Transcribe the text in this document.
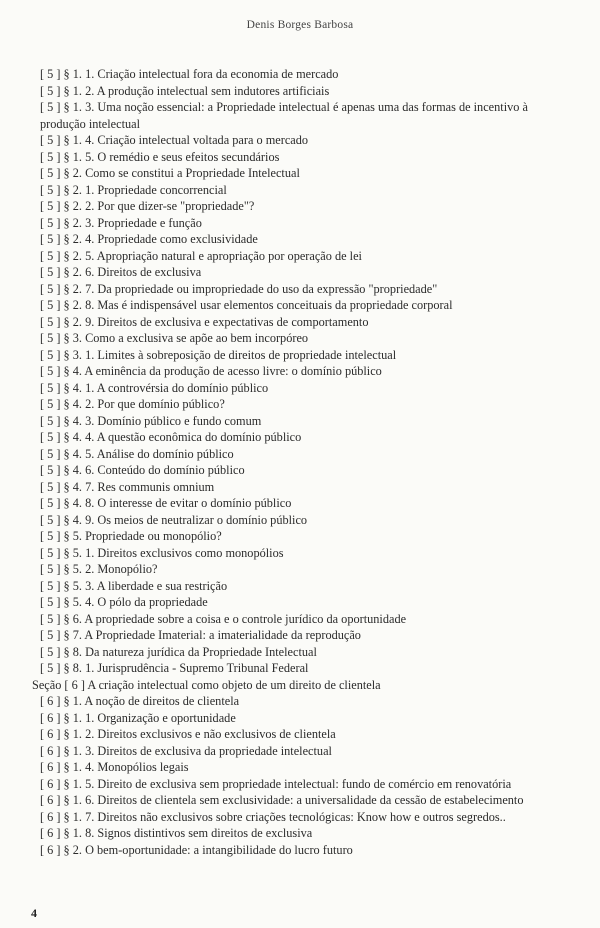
Denis Borges Barbosa
[ 5 ] § 1. 1. Criação intelectual fora da economia de mercado
[ 5 ] § 1. 2. A produção intelectual sem indutores artificiais
[ 5 ] § 1. 3. Uma noção essencial: a Propriedade intelectual é apenas uma das formas de incentivo à
produção intelectual
[ 5 ] § 1. 4. Criação intelectual voltada para o mercado
[ 5 ] § 1. 5. O remédio e seus efeitos secundários
[ 5 ] § 2. Como se constitui a Propriedade Intelectual
[ 5 ] § 2. 1. Propriedade concorrencial
[ 5 ] § 2. 2. Por que dizer-se "propriedade"?
[ 5 ] § 2. 3. Propriedade e função
[ 5 ] § 2. 4. Propriedade como exclusividade
[ 5 ] § 2. 5. Apropriação natural e apropriação por operação de lei
[ 5 ] § 2. 6. Direitos de exclusiva
[ 5 ] § 2. 7. Da propriedade ou impropriedade do uso da expressão "propriedade"
[ 5 ] § 2. 8. Mas é indispensável usar elementos conceituais da propriedade corporal
[ 5 ] § 2. 9. Direitos de exclusiva e expectativas de comportamento
[ 5 ] § 3. Como a exclusiva se apõe ao bem incorpóreo
[ 5 ] § 3. 1. Limites à sobreposição de direitos de propriedade intelectual
[ 5 ] § 4. A eminência da produção de acesso livre: o domínio público
[ 5 ] § 4. 1. A controvérsia do domínio público
[ 5 ] § 4. 2. Por que domínio público?
[ 5 ] § 4. 3. Domínio público e fundo comum
[ 5 ] § 4. 4. A questão econômica do domínio público
[ 5 ] § 4. 5. Análise do domínio público
[ 5 ] § 4. 6. Conteúdo do domínio público
[ 5 ] § 4. 7. Res communis omnium
[ 5 ] § 4. 8. O interesse de evitar o domínio público
[ 5 ] § 4. 9. Os meios de neutralizar o domínio público
[ 5 ] § 5. Propriedade ou monopólio?
[ 5 ] § 5. 1. Direitos exclusivos como monopólios
[ 5 ] § 5. 2. Monopólio?
[ 5 ] § 5. 3. A liberdade e sua restrição
[ 5 ] § 5. 4. O pólo da propriedade
[ 5 ] § 6. A propriedade sobre a coisa e o controle jurídico da oportunidade
[ 5 ] § 7. A Propriedade Imaterial: a imaterialidade da reprodução
[ 5 ] § 8. Da natureza jurídica da Propriedade Intelectual
[ 5 ] § 8. 1. Jurisprudência - Supremo Tribunal Federal
Seção [ 6 ] A criação intelectual como objeto de um direito de clientela
[ 6 ] § 1. A noção de direitos de clientela
[ 6 ] § 1. 1. Organização e oportunidade
[ 6 ] § 1. 2. Direitos exclusivos e não exclusivos de clientela
[ 6 ] § 1. 3. Direitos de exclusiva da propriedade intelectual
[ 6 ] § 1. 4. Monopólios legais
[ 6 ] § 1. 5. Direito de exclusiva sem propriedade intelectual: fundo de comércio em renovatória
[ 6 ] § 1. 6. Direitos de clientela sem exclusividade: a universalidade da cessão de estabelecimento
[ 6 ] § 1. 7. Direitos não exclusivos sobre criações tecnológicas: Know how e outros segredos..
[ 6 ] § 1. 8. Signos distintivos sem direitos de exclusiva
[ 6 ] § 2. O bem-oportunidade: a intangibilidade do lucro futuro
4
